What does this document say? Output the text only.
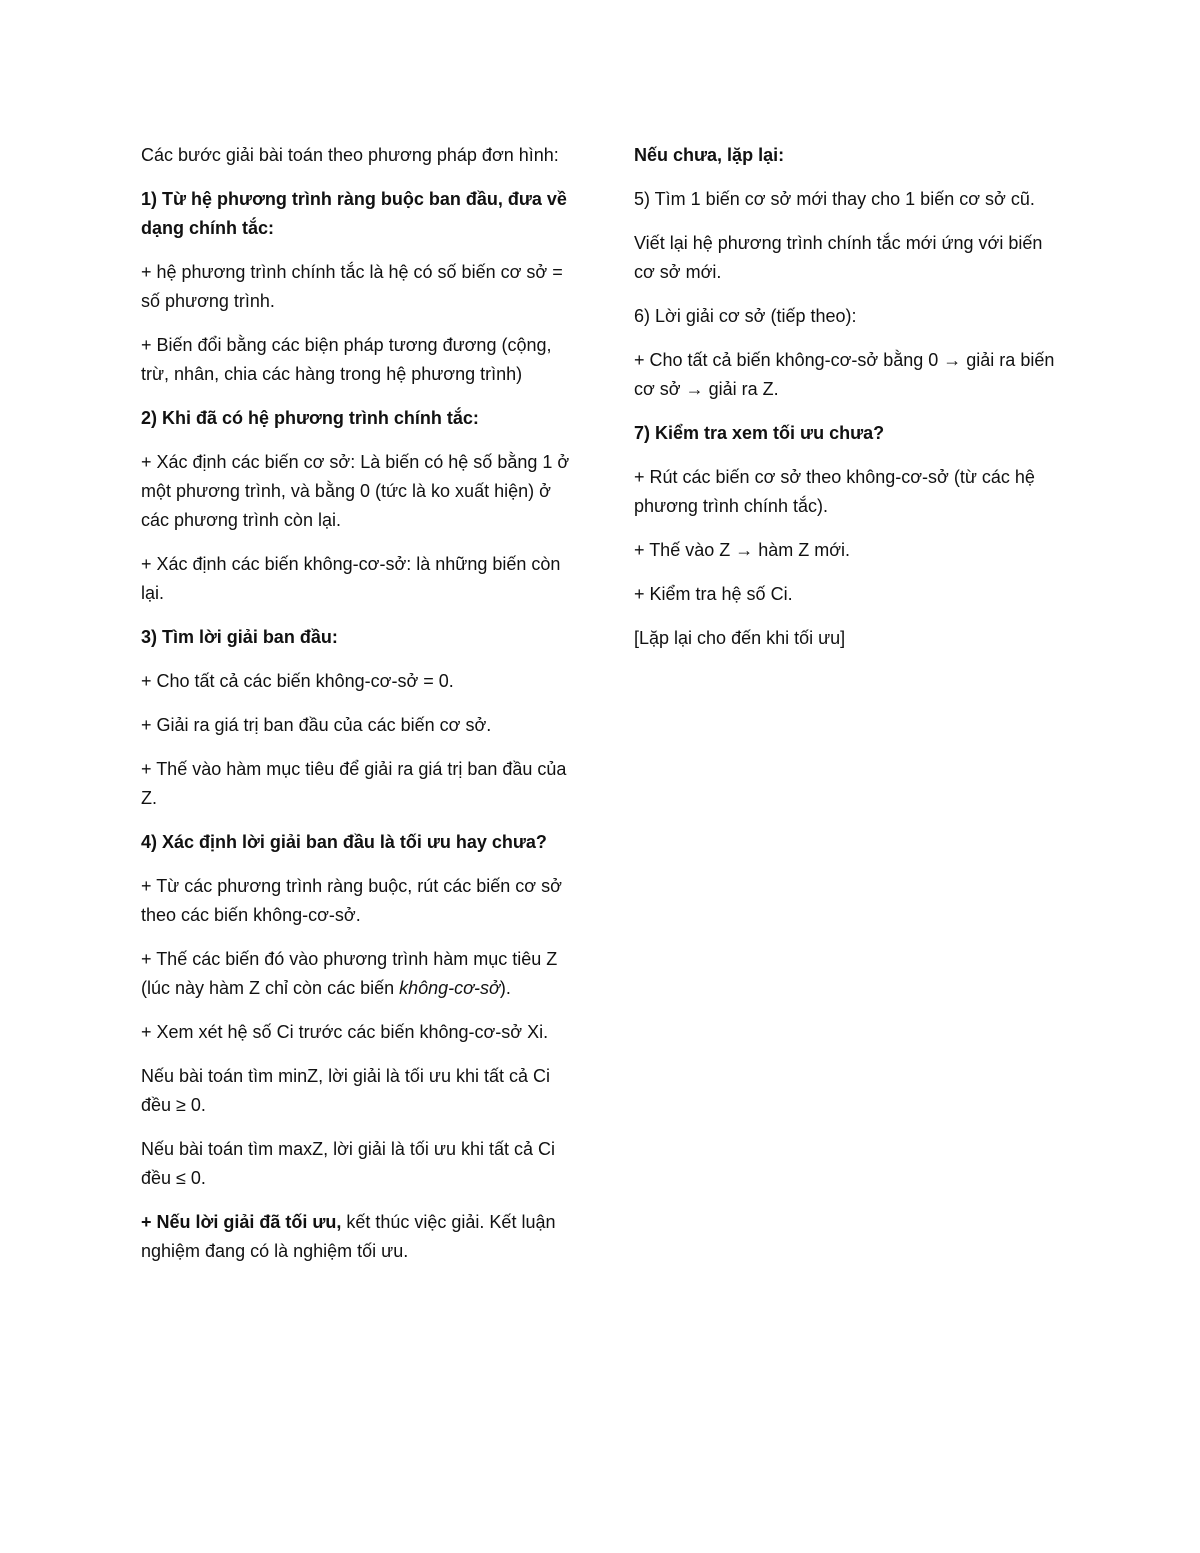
Các bước giải bài toán theo phương pháp đơn hình:

1) Từ hệ phương trình ràng buộc ban đầu, đưa về dạng chính tắc:

+ hệ phương trình chính tắc là hệ có số biến cơ sở = số phương trình.

+ Biến đổi bằng các biện pháp tương đương (cộng, trừ, nhân, chia các hàng trong hệ phương trình)

2) Khi đã có hệ phương trình chính tắc:

+ Xác định các biến cơ sở: Là biến có hệ số bằng 1 ở một phương trình, và bằng 0 (tức là ko xuất hiện) ở các phương trình còn lại.

+ Xác định các biến không-cơ-sở: là những biến còn lại.

3) Tìm lời giải ban đầu:

+ Cho tất cả các biến không-cơ-sở = 0.

+ Giải ra giá trị ban đầu của các biến cơ sở.

+ Thế vào hàm mục tiêu để giải ra giá trị ban đầu của Z.

4) Xác định lời giải ban đầu là tối ưu hay chưa?

+ Từ các phương trình ràng buộc, rút các biến cơ sở theo các biến không-cơ-sở.

+ Thế các biến đó vào phương trình hàm mục tiêu Z (lúc này hàm Z chỉ còn các biến không-cơ-sở).

+ Xem xét hệ số Ci trước các biến không-cơ-sở Xi.

Nếu bài toán tìm minZ, lời giải là tối ưu khi tất cả Ci đều ≥ 0.

Nếu bài toán tìm maxZ, lời giải là tối ưu khi tất cả Ci đều ≤ 0.

+ Nếu lời giải đã tối ưu, kết thúc việc giải. Kết luận nghiệm đang có là nghiệm tối ưu.

Nếu chưa, lặp lại:

5) Tìm 1 biến cơ sở mới thay cho 1 biến cơ sở cũ.

Viết lại hệ phương trình chính tắc mới ứng với biến cơ sở mới.

6) Lời giải cơ sở (tiếp theo):

+ Cho tất cả biến không-cơ-sở bằng 0 → giải ra biến cơ sở → giải ra Z.

7) Kiểm tra xem tối ưu chưa?

+ Rút các biến cơ sở theo không-cơ-sở (từ các hệ phương trình chính tắc).

+ Thế vào Z → hàm Z mới.

+ Kiểm tra hệ số Ci.

[Lặp lại cho đến khi tối ưu]
